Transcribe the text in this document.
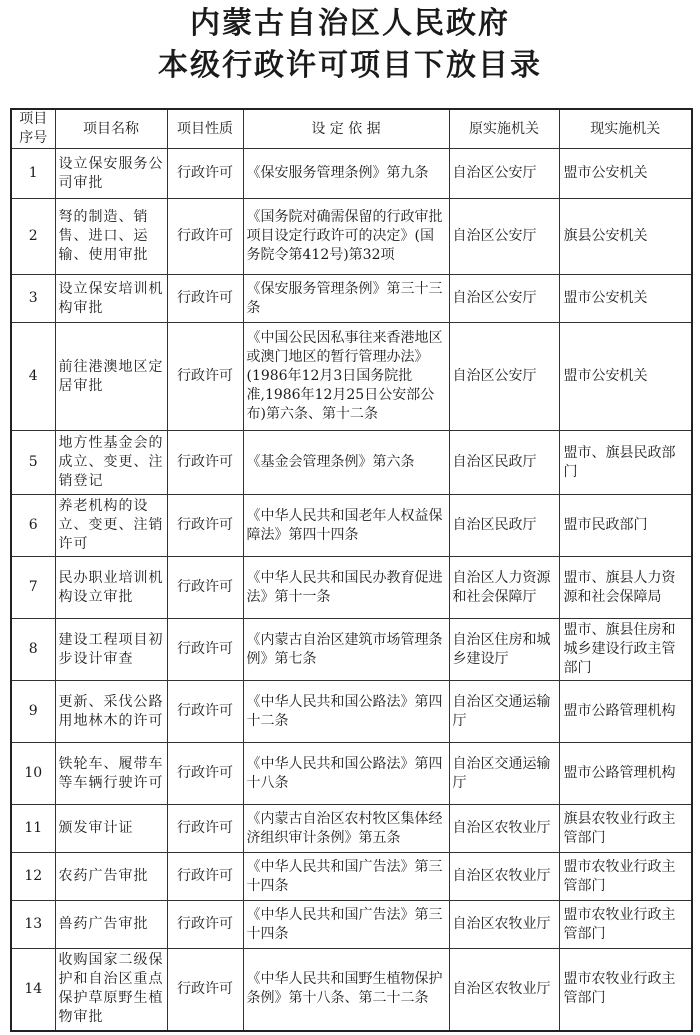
内蒙古自治区人民政府
本级行政许可项目下放目录
项目序号	项目名称	项目性质	设 定 依 据	原实施机关	现实施机关
1	设立保安服务公司审批	行政许可	《保安服务管理条例》第九条	自治区公安厅	盟市公安机关
2	弩的制造、销售、进口、运输、使用审批	行政许可	《国务院对确需保留的行政审批项目设定行政许可的决定》(国务院令第412号)第32项	自治区公安厅	旗县公安机关
3	设立保安培训机构审批	行政许可	《保安服务管理条例》第三十三条	自治区公安厅	盟市公安机关
4	前往港澳地区定居审批	行政许可	《中国公民因私事往来香港地区或澳门地区的暂行管理办法》(1986年12月3日国务院批准,1986年12月25日公安部公布)第六条、第十二条	自治区公安厅	盟市公安机关
5	地方性基金会的成立、变更、注销登记	行政许可	《基金会管理条例》第六条	自治区民政厅	盟市、旗县民政部门
6	养老机构的设立、变更、注销许可	行政许可	《中华人民共和国老年人权益保障法》第四十四条	自治区民政厅	盟市民政部门
7	民办职业培训机构设立审批	行政许可	《中华人民共和国民办教育促进法》第十一条	自治区人力资源和社会保障厅	盟市、旗县人力资源和社会保障局
8	建设工程项目初步设计审查	行政许可	《内蒙古自治区建筑市场管理条例》第七条	自治区住房和城乡建设厅	盟市、旗县住房和城乡建设行政主管部门
9	更新、采伐公路用地林木的许可	行政许可	《中华人民共和国公路法》第四十二条	自治区交通运输厅	盟市公路管理机构
10	铁轮车、履带车等车辆行驶许可	行政许可	《中华人民共和国公路法》第四十八条	自治区交通运输厅	盟市公路管理机构
11	颁发审计证	行政许可	《内蒙古自治区农村牧区集体经济组织审计条例》第五条	自治区农牧业厅	旗县农牧业行政主管部门
12	农药广告审批	行政许可	《中华人民共和国广告法》第三十四条	自治区农牧业厅	盟市农牧业行政主管部门
13	兽药广告审批	行政许可	《中华人民共和国广告法》第三十四条	自治区农牧业厅	盟市农牧业行政主管部门
14	收购国家二级保护和自治区重点保护草原野生植物审批	行政许可	《中华人民共和国野生植物保护条例》第十八条、第二十二条	自治区农牧业厅	盟市农牧业行政主管部门
